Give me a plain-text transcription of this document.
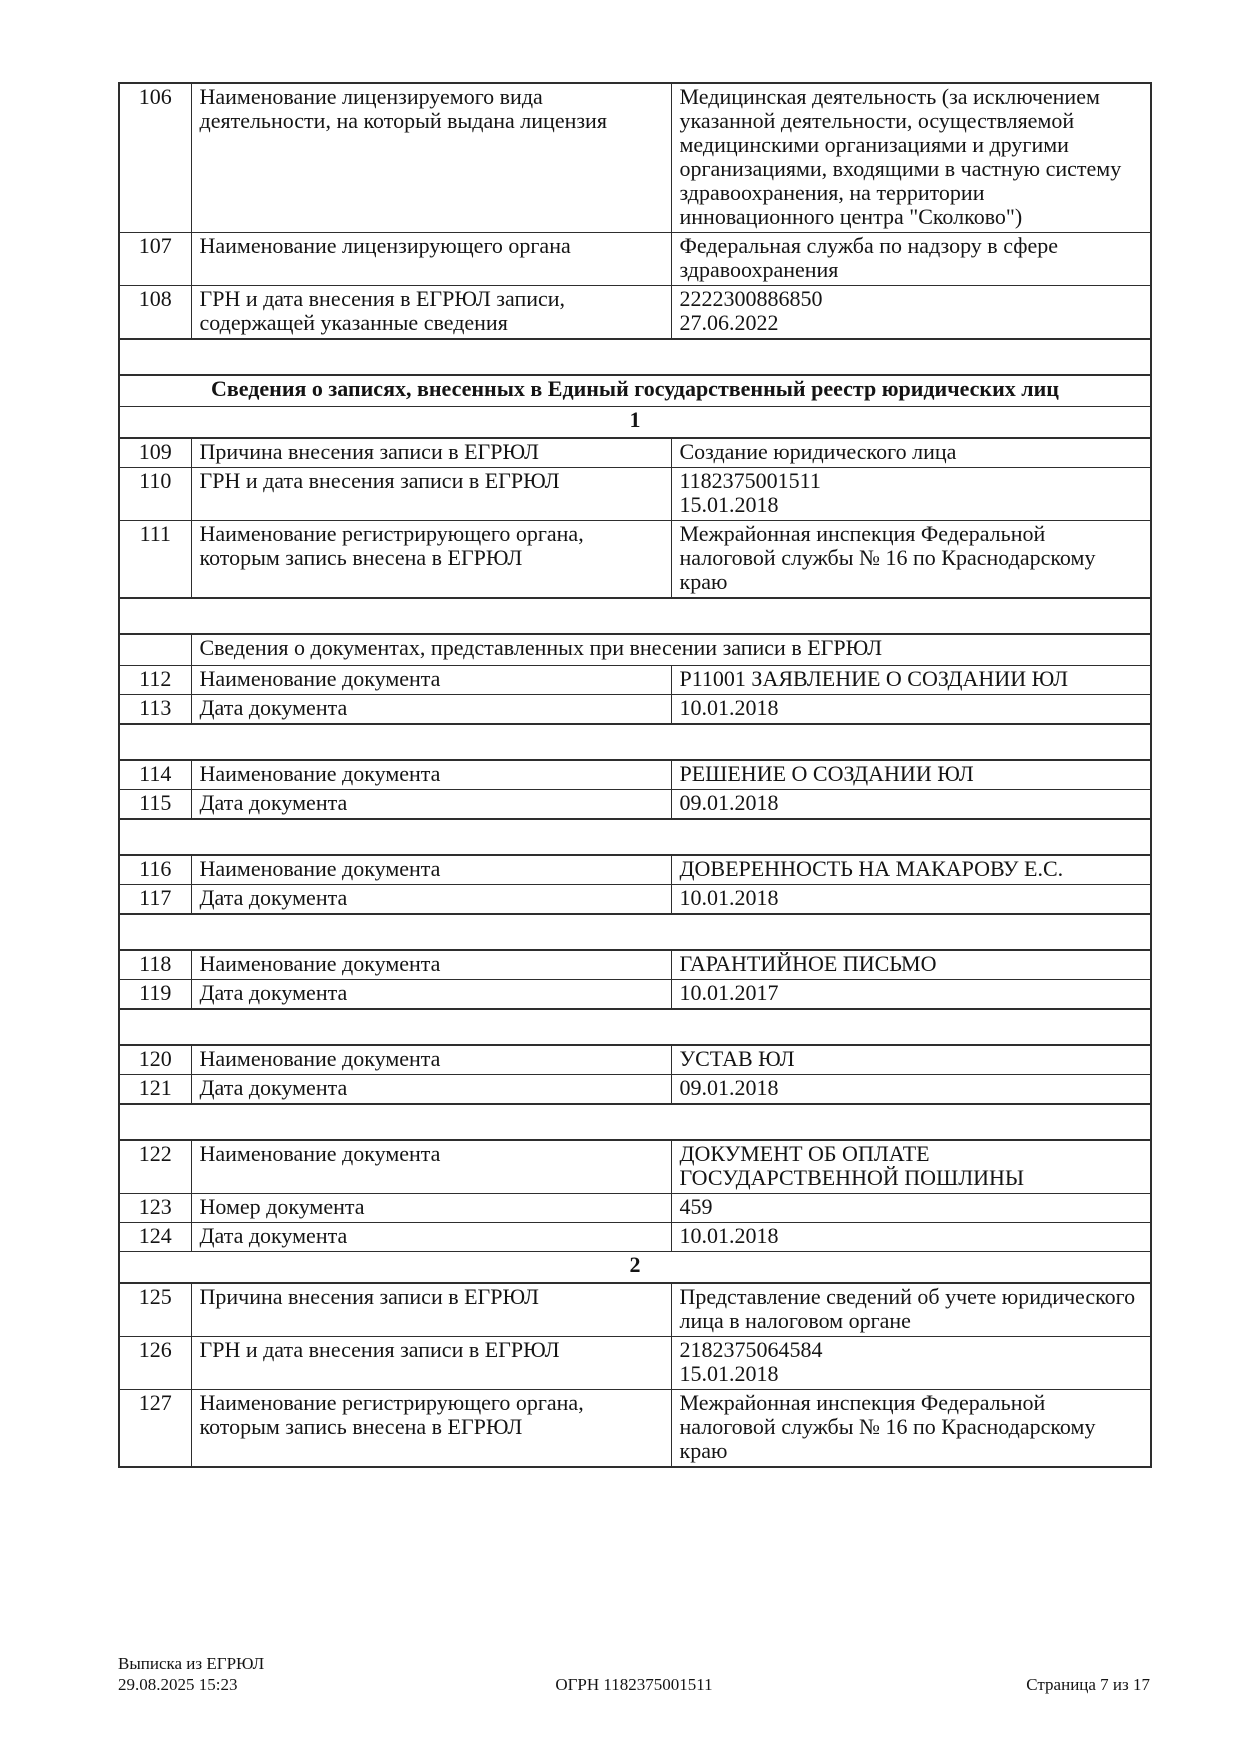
106	Наименование лицензируемого вида деятельности, на который выдана лицензия	Медицинская деятельность (за исключением указанной деятельности, осуществляемой медицинскими организациями и другими организациями, входящими в частную систему здравоохранения, на территории инновационного центра "Сколково")

107	Наименование лицензирующего органа	Федеральная служба по надзору в сфере здравоохранения

108	ГРН и дата внесения в ЕГРЮЛ записи, содержащей указанные сведения	2222300886850
27.06.2022

Сведения о записях, внесенных в Единый государственный реестр юридических лиц		
1		
109	Причина внесения записи в ЕГРЮЛ	Создание юридического лица

110	ГРН и дата внесения записи в ЕГРЮЛ	1182375001511
15.01.2018

111	Наименование регистрирующего органа, которым запись внесена в ЕГРЮЛ	Межрайонная инспекция Федеральной налоговой службы № 16 по Краснодарскому краю

	Сведения о документах, представленных при внесении записи в ЕГРЮЛ	
112	Наименование документа	Р11001 ЗАЯВЛЕНИЕ О СОЗДАНИИ ЮЛ

113	Дата документа	10.01.2018

114	Наименование документа	РЕШЕНИЕ О СОЗДАНИИ ЮЛ

115	Дата документа	09.01.2018

116	Наименование документа	ДОВЕРЕННОСТЬ НА МАКАРОВУ Е.С.

117	Дата документа	10.01.2018

118	Наименование документа	ГАРАНТИЙНОЕ ПИСЬМО

119	Дата документа	10.01.2017

120	Наименование документа	УСТАВ ЮЛ

121	Дата документа	09.01.2018

122	Наименование документа	ДОКУМЕНТ ОБ ОПЛАТЕ ГОСУДАРСТВЕННОЙ ПОШЛИНЫ

123	Номер документа	459

124	Дата документа	10.01.2018

2		
125	Причина внесения записи в ЕГРЮЛ	Представление сведений об учете юридического лица в налоговом органе

126	ГРН и дата внесения записи в ЕГРЮЛ	2182375064584
15.01.2018

127	Наименование регистрирующего органа, которым запись внесена в ЕГРЮЛ	Межрайонная инспекция Федеральной налоговой службы № 16 по Краснодарскому краю
Выписка из ЕГРЮЛ
29.08.2025 15:23	ОГРН 1182375001511	Страница 7 из 17
